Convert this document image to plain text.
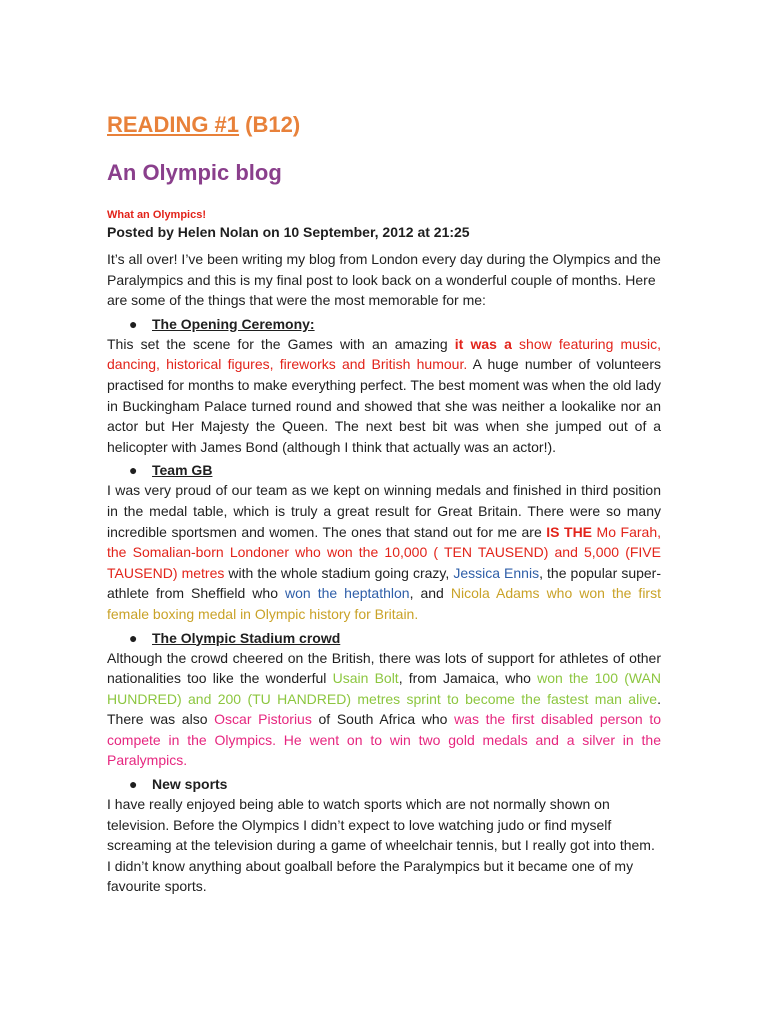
READING #1 (B12)
An Olympic blog

What an Olympics!

Posted by Helen Nolan on 10 September, 2012 at 21:25

It’s all over! I’ve been writing my blog from London every day during the Olympics and the Paralympics and this is my final post to look back on a wonderful couple of months. Here are some of the things that were the most memorable for me:

● The Opening Ceremony:

This set the scene for the Games with an amazing it was a show featuring music, dancing, historical figures, fireworks and British humour. A huge number of volunteers practised for months to make everything perfect. The best moment was when the old lady in Buckingham Palace turned round and showed that she was neither a lookalike nor an actor but Her Majesty the Queen. The next best bit was when she jumped out of a helicopter with James Bond (although I think that actually was an actor!).

● Team GB

I was very proud of our team as we kept on winning medals and finished in third position in the medal table, which is truly a great result for Great Britain. There were so many incredible sportsmen and women. The ones that stand out for me are IS THE Mo Farah, the Somalian-born Londoner who won the 10,000 ( TEN TAUSEND) and 5,000 (FIVE TAUSEND) metres with the whole stadium going crazy, Jessica Ennis, the popular super-athlete from Sheffield who won the heptathlon, and Nicola Adams who won the first female boxing medal in Olympic history for Britain.

● The Olympic Stadium crowd

Although the crowd cheered on the British, there was lots of support for athletes of other nationalities too like the wonderful Usain Bolt, from Jamaica, who won the 100 (WAN HUNDRED) and 200 (TU HANDRED) metres sprint to become the fastest man alive. There was also Oscar Pistorius of South Africa who was the first disabled person to compete in the Olympics. He went on to win two gold medals and a silver in the Paralympics.

● New sports

I have really enjoyed being able to watch sports which are not normally shown on television. Before the Olympics I didn’t expect to love watching judo or find myself screaming at the television during a game of wheelchair tennis, but I really got into them. I didn’t know anything about goalball before the Paralympics but it became one of my favourite sports.
